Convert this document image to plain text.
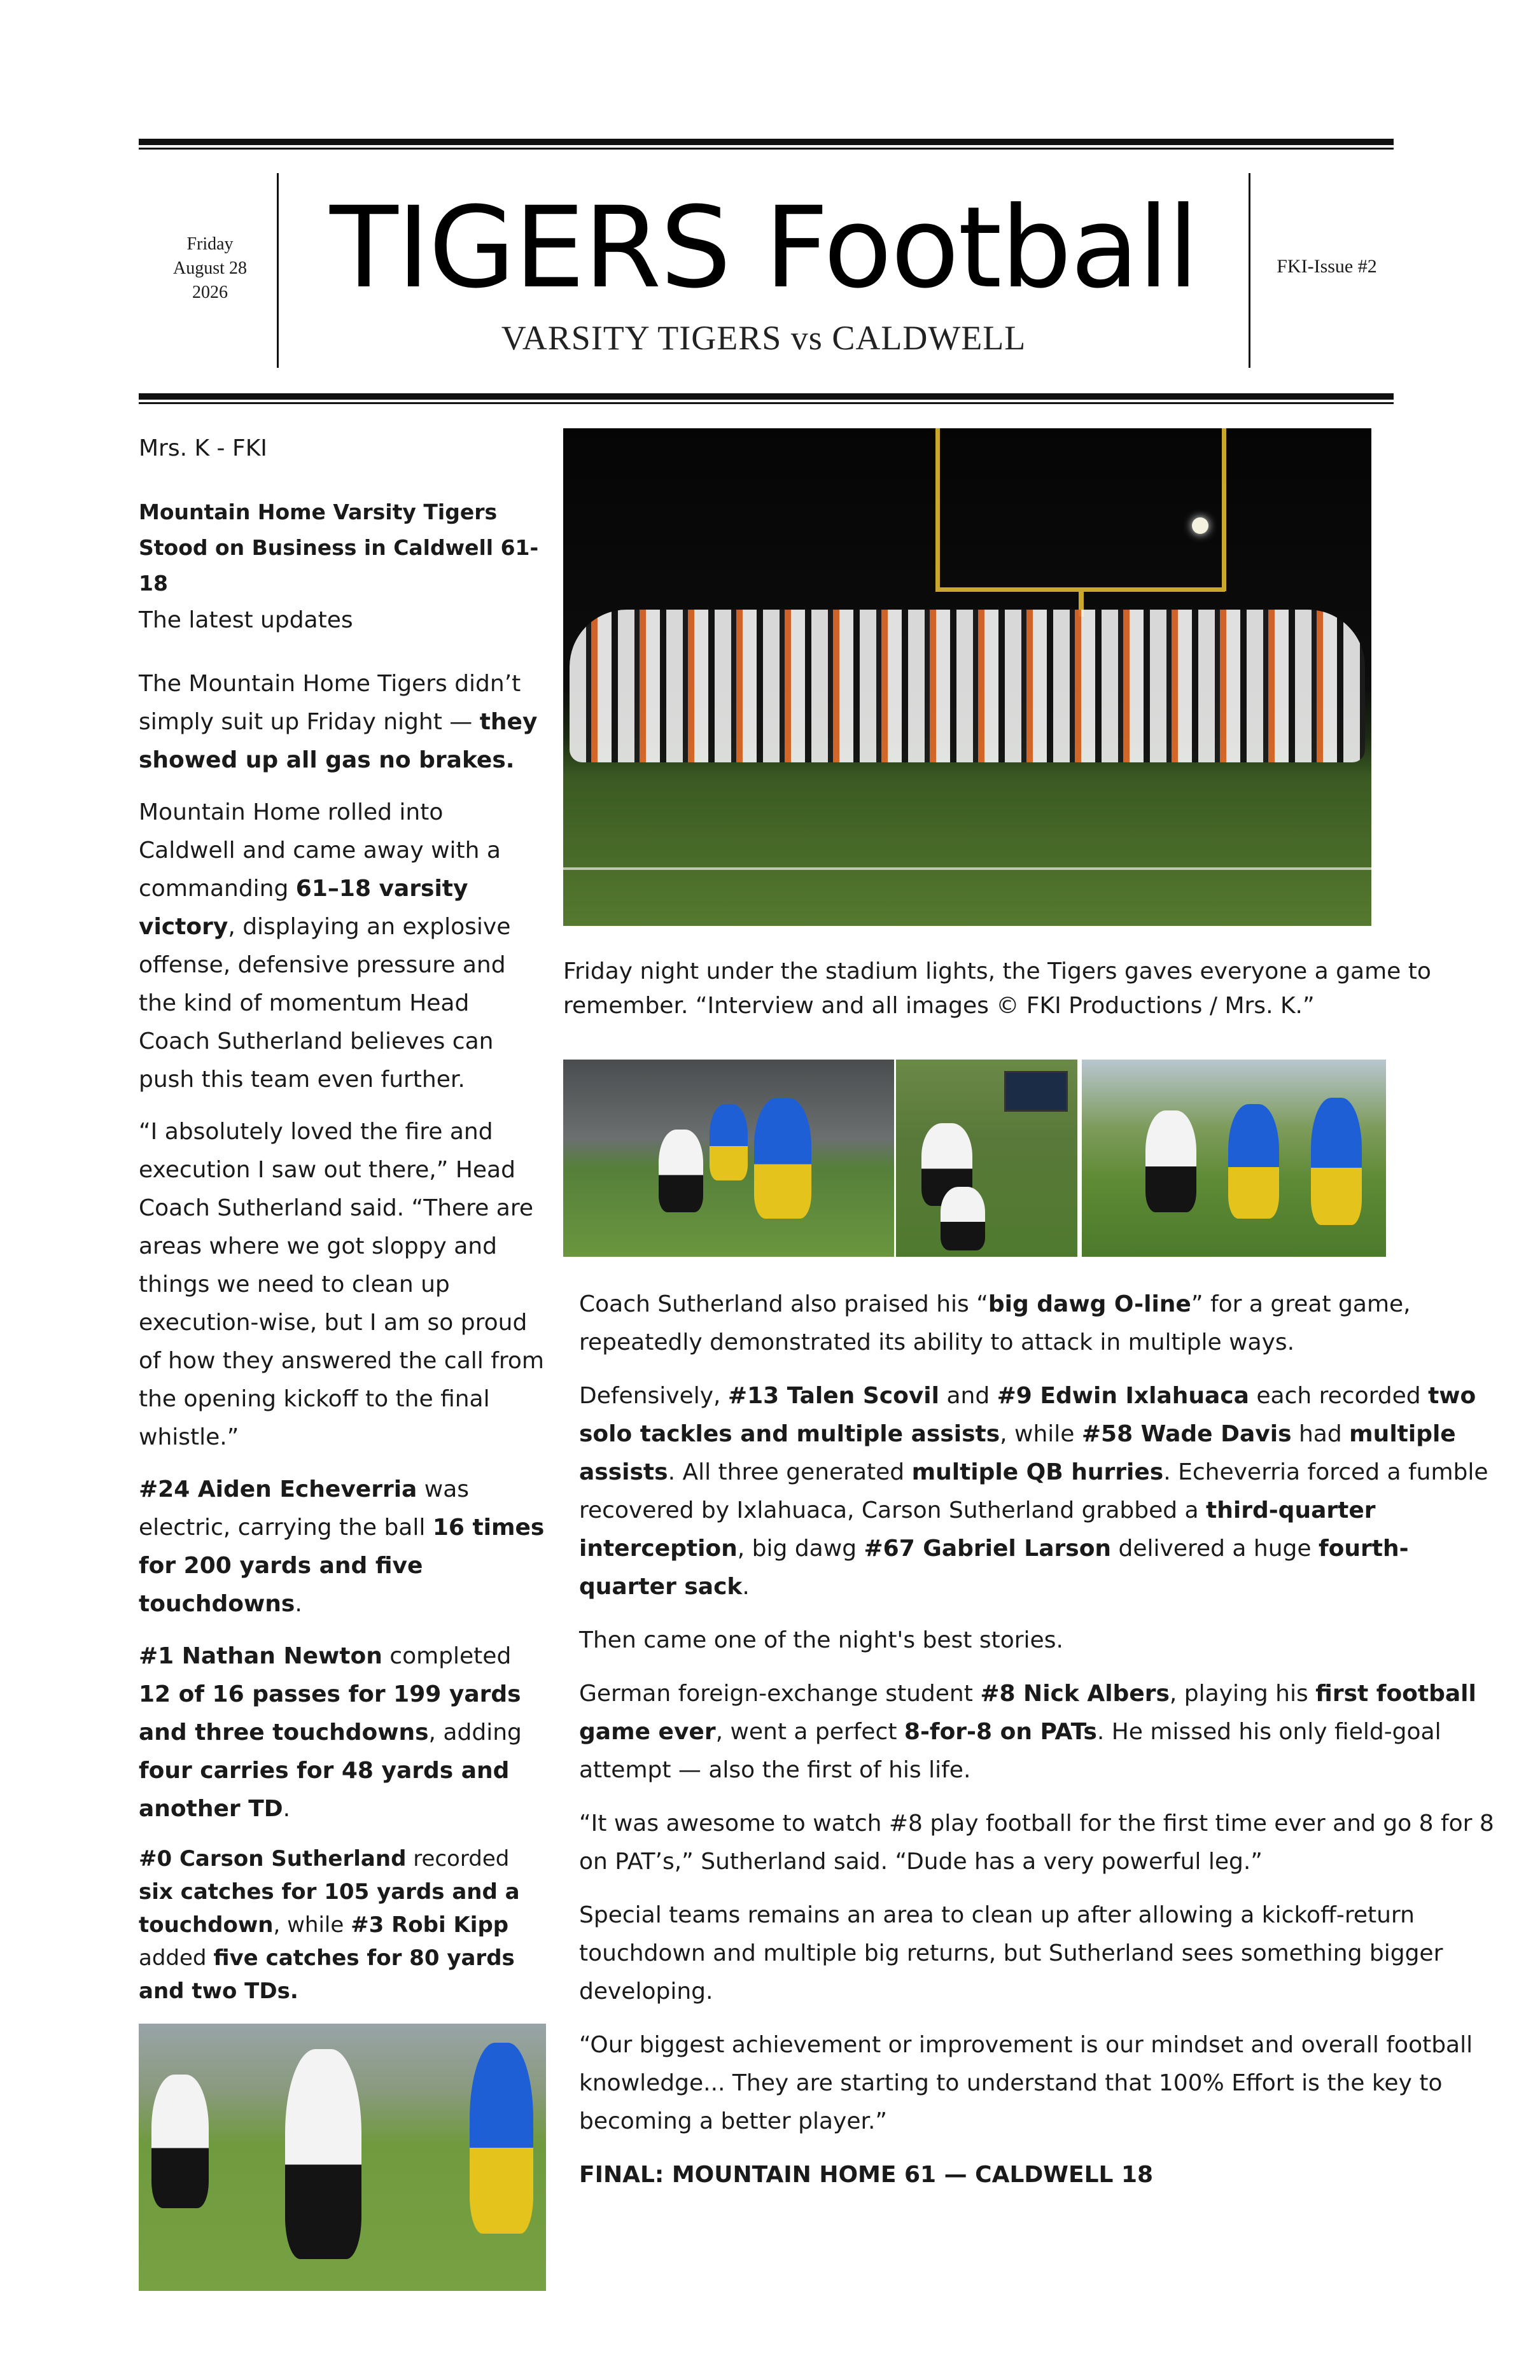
Friday
August 28
2026 TIGERS Football
VARSITY TIGERS vs CALDWELL
FKI-Issue #2

Mrs. K - FKI

Mountain Home Varsity Tigers Stood on Business in Caldwell 61-18

The latest updates

The Mountain Home Tigers didn’t simply suit up Friday night — they showed up all gas no brakes.

Mountain Home rolled into Caldwell and came away with a commanding 61–18 varsity victory, displaying an explosive offense, defensive pressure and the kind of momentum Head Coach Sutherland believes can push this team even further.

“I absolutely loved the fire and execution I saw out there,” Head Coach Sutherland said. “There are areas where we got sloppy and things we need to clean up execution-wise, but I am so proud of how they answered the call from the opening kickoff to the final whistle.”

#24 Aiden Echeverria was electric, carrying the ball 16 times for 200 yards and five touchdowns.

#1 Nathan Newton completed 12 of 16 passes for 199 yards and three touchdowns, adding four carries for 48 yards and another TD.

#0 Carson Sutherland recorded six catches for 105 yards and a touchdown, while #3 Robi Kipp added five catches for 80 yards and two TDs.

Friday night under the stadium lights, the Tigers gaves everyone a game to remember. “Interview and all images © FKI Productions / Mrs. K.”

Coach Sutherland also praised his “big dawg O-line” for a great game, repeatedly demonstrated its ability to attack in multiple ways.

Defensively, #13 Talen Scovil and #9 Edwin Ixlahuaca each recorded two solo tackles and multiple assists, while #58 Wade Davis had multiple assists. All three generated multiple QB hurries. Echeverria forced a fumble recovered by Ixlahuaca, Carson Sutherland grabbed a third-quarter interception, big dawg #67 Gabriel Larson delivered a huge fourth-quarter sack.

Then came one of the night's best stories.

German foreign-exchange student #8 Nick Albers, playing his first football game ever, went a perfect 8-for-8 on PATs. He missed his only field-goal attempt — also the first of his life.

“It was awesome to watch #8 play football for the first time ever and go 8 for 8 on PAT’s,” Sutherland said. “Dude has a very powerful leg.”

Special teams remains an area to clean up after allowing a kickoff-return touchdown and multiple big returns, but Sutherland sees something bigger developing.

“Our biggest achievement or improvement is our mindset and overall football knowledge... They are starting to understand that 100% Effort is the key to becoming a better player.”

FINAL: MOUNTAIN HOME 61 — CALDWELL 18
